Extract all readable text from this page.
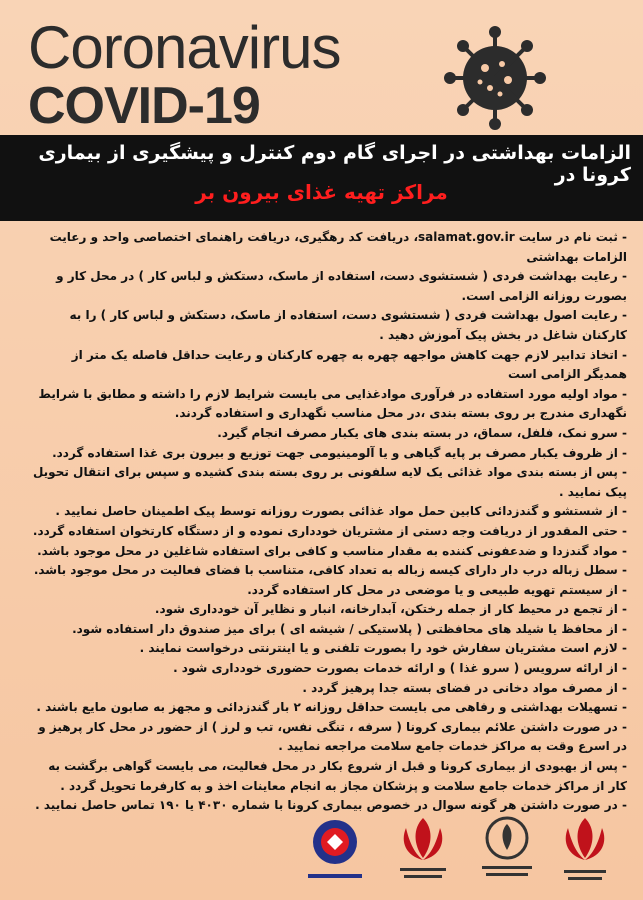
Coronavirus
COVID-19
الزامات بهداشتی در اجرای گام دوم کنترل و پیشگیری از بیماری کرونا در
مراکز تهیه غذای بیرون بر

- ثبت نام در سایت salamat.gov.ir، دریافت کد رهگیری، دریافت راهنمای اختصاصی واحد و رعایت الزامات بهداشتی

- رعایت بهداشت فردی ( شستشوی دست، استفاده از ماسک، دستکش و لباس کار ) در محل کار و بصورت روزانه الزامی است.

- رعایت اصول بهداشت فردی ( شستشوی دست، استفاده از ماسک، دستکش و لباس کار ) را به کارکنان شاغل در بخش پیک آموزش دهید .

- اتخاذ تدابیر لازم جهت کاهش مواجهه چهره به چهره کارکنان و رعایت حداقل فاصله یک متر از همدیگر الزامی است

- مواد اولیه مورد استفاده در فرآوری موادغذایی می بایست شرایط لازم را داشته و مطابق با شرایط نگهداری مندرج بر روی بسته بندی ،در محل مناسب نگهداری و استفاده گردند.

- سرو نمک، فلفل، سماق، در بسته بندی های یکبار مصرف انجام گیرد.

- از ظروف یکبار مصرف بر پایه گیاهی و یا آلومینیومی جهت توزیع و بیرون بری غذا استفاده گردد.

- پس از بسته بندی مواد غذائی یک لایه سلفونی بر روی بسته بندی کشیده و سپس برای انتقال تحویل پیک نمایید .

- از شستشو و گندزدائی کابین حمل مواد غذائی بصورت روزانه توسط پیک اطمینان حاصل نمایید .

- حتی المقدور از دریافت وجه دستی از مشتریان خودداری نموده و از دستگاه کارتخوان استفاده گردد.

- مواد گندزدا و ضدعفونی کننده به مقدار مناسب و کافی برای استفاده شاغلین در محل موجود باشد.

- سطل زباله درب دار دارای کیسه زباله به تعداد کافی، متناسب با فضای فعالیت در محل موجود باشد.

- از سیستم تهویه طبیعی و یا موضعی در محل کار استفاده گردد.

- از تجمع در محیط کار از جمله رختکن، آبدارخانه، انبار و نظایر آن خودداری شود.

- از محافظ یا شیلد های محافظتی ( پلاستیکی / شیشه ای ) برای میز صندوق دار استفاده شود.

- لازم است مشتریان سفارش خود را بصورت تلفنی و یا اینترنتی درخواست نمایند .

- از ارائه سرویس ( سرو غذا ) و ارائه خدمات بصورت حضوری خودداری شود .

- از مصرف مواد دخانی در فضای بسته جدا پرهیز گردد .

- تسهیلات بهداشتی و رفاهی می بایست حداقل روزانه ۲ بار گندزدائی و مجهز به صابون مایع باشند .

- در صورت داشتن علائم بیماری کرونا ( سرفه ، تنگی نفس، تب و لرز ) از حضور در محل کار پرهیز و در اسرع وقت به مراکز خدمات جامع سلامت مراجعه نمایید .

- پس از بهبودی از بیماری کرونا و قبل از شروع بکار در محل فعالیت، می بایست گواهی برگشت به کار از مراکز خدمات جامع سلامت و پزشکان مجاز به انجام معاینات اخذ و به کارفرما تحویل گردد .

- در صورت داشتن هر گونه سوال در خصوص بیماری کرونا با شماره ۴۰۳۰ یا ۱۹۰ تماس حاصل نمایید .
